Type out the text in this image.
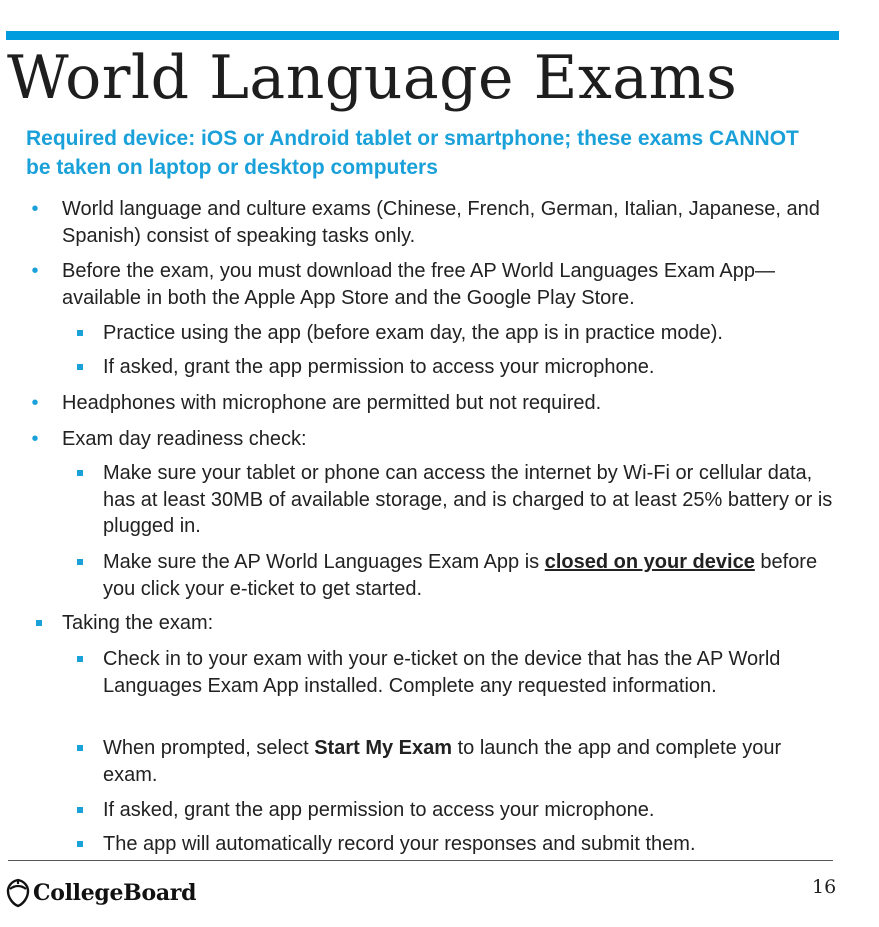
World Language Exams

Required device: iOS or Android tablet or smartphone; these exams CANNOT be taken on laptop or desktop computers

• World language and culture exams (Chinese, French, German, Italian, Japanese, and Spanish) consist of speaking tasks only.
• Before the exam, you must download the free AP World Languages Exam App—available in both the Apple App Store and the Google Play Store.
Practice using the app (before exam day, the app is in practice mode).
If asked, grant the app permission to access your microphone.
• Headphones with microphone are permitted but not required.
• Exam day readiness check:
Make sure your tablet or phone can access the internet by Wi-Fi or cellular data, has at least 30MB of available storage, and is charged to at least 25% battery or is plugged in.
Make sure the AP World Languages Exam App is closed on your device before you click your e-ticket to get started.
Taking the exam:
Check in to your exam with your e-ticket on the device that has the AP World Languages Exam App installed. Complete any requested information.
When prompted, select Start My Exam to launch the app and complete your exam.
If asked, grant the app permission to access your microphone.
The app will automatically record your responses and submit them.
CollegeBoard	16
